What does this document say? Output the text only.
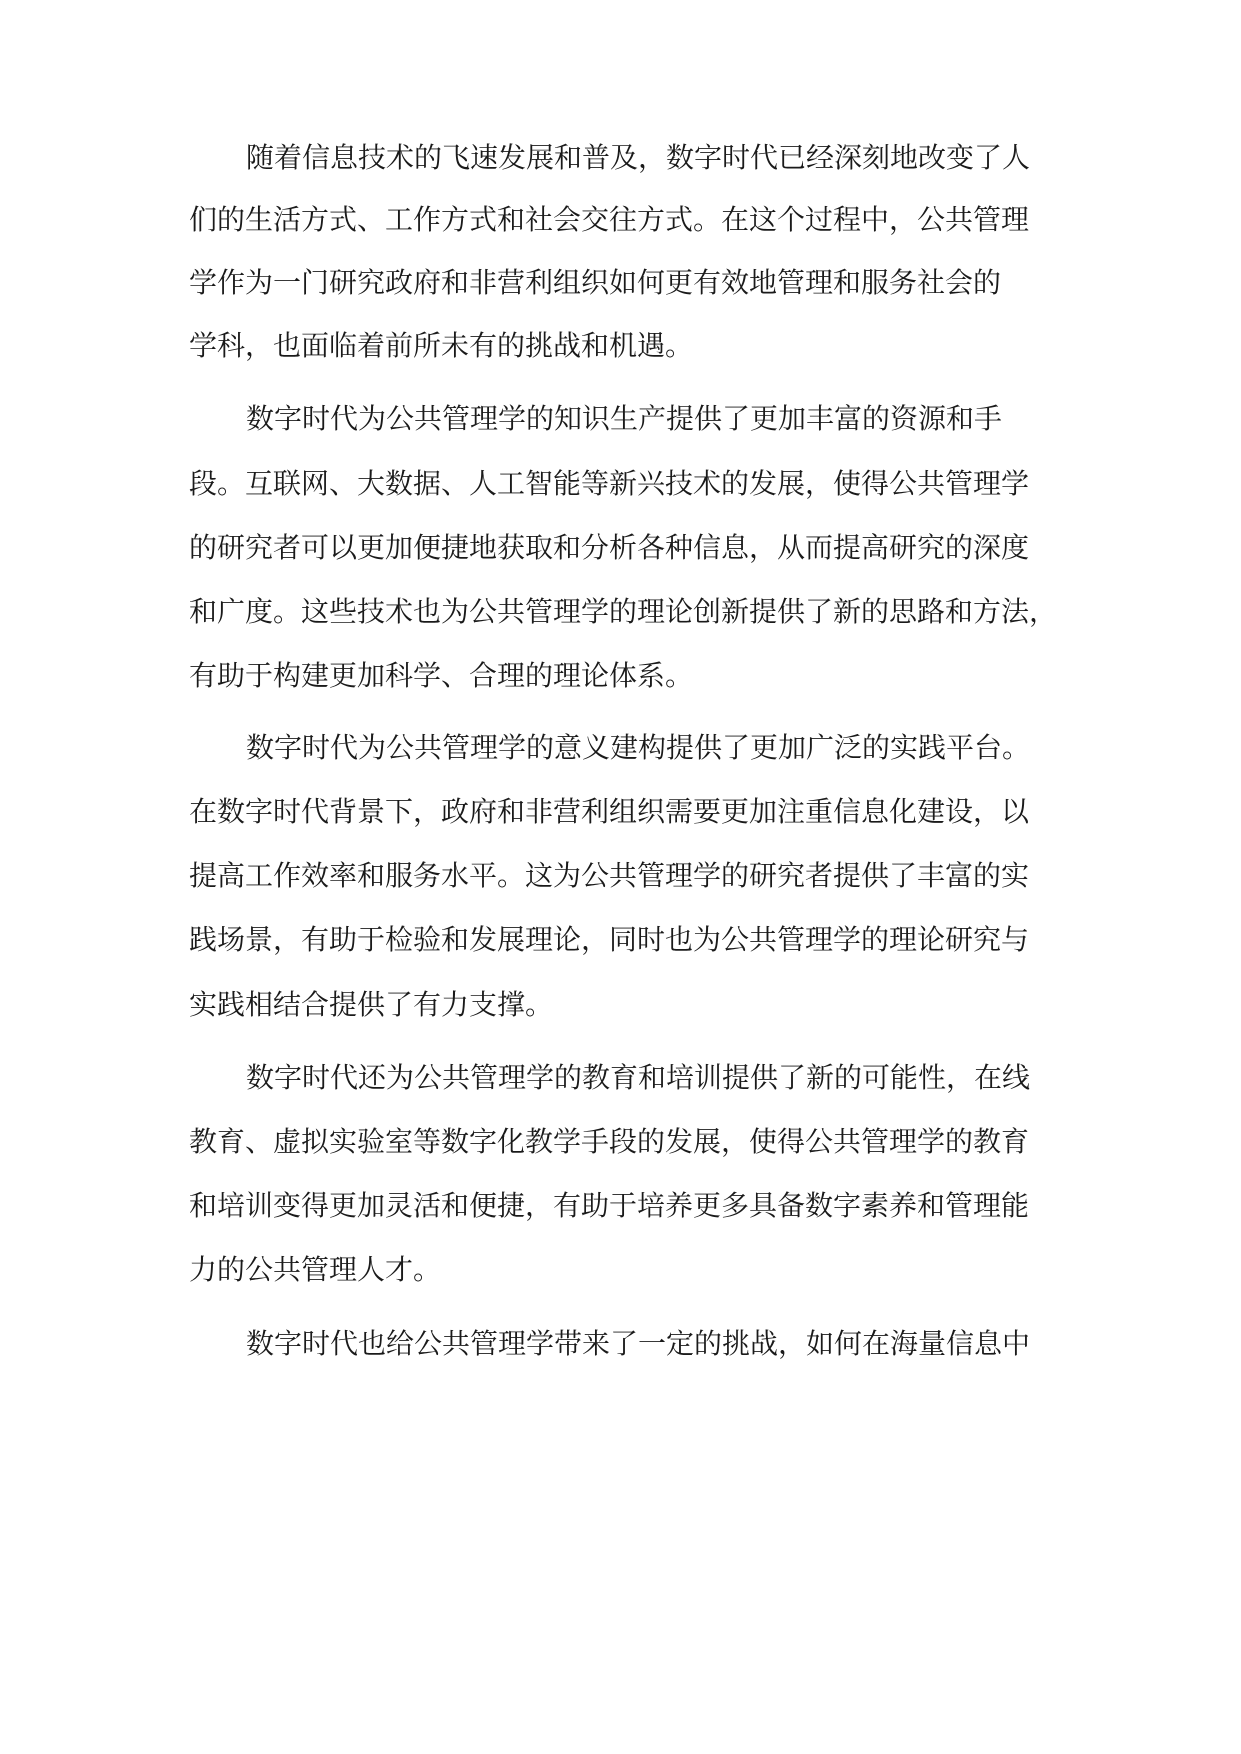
随着信息技术的飞速发展和普及，数字时代已经深刻地改变了人
们的生活方式、工作方式和社会交往方式。在这个过程中，公共管理
学作为一门研究政府和非营利组织如何更有效地管理和服务社会的
学科，也面临着前所未有的挑战和机遇。
数字时代为公共管理学的知识生产提供了更加丰富的资源和手
段。互联网、大数据、人工智能等新兴技术的发展，使得公共管理学
的研究者可以更加便捷地获取和分析各种信息，从而提高研究的深度
和广度。这些技术也为公共管理学的理论创新提供了新的思路和方法，
有助于构建更加科学、合理的理论体系。
数字时代为公共管理学的意义建构提供了更加广泛的实践平台。
在数字时代背景下，政府和非营利组织需要更加注重信息化建设，以
提高工作效率和服务水平。这为公共管理学的研究者提供了丰富的实
践场景，有助于检验和发展理论，同时也为公共管理学的理论研究与
实践相结合提供了有力支撑。
数字时代还为公共管理学的教育和培训提供了新的可能性，在线
教育、虚拟实验室等数字化教学手段的发展，使得公共管理学的教育
和培训变得更加灵活和便捷，有助于培养更多具备数字素养和管理能
力的公共管理人才。
数字时代也给公共管理学带来了一定的挑战，如何在海量信息中
